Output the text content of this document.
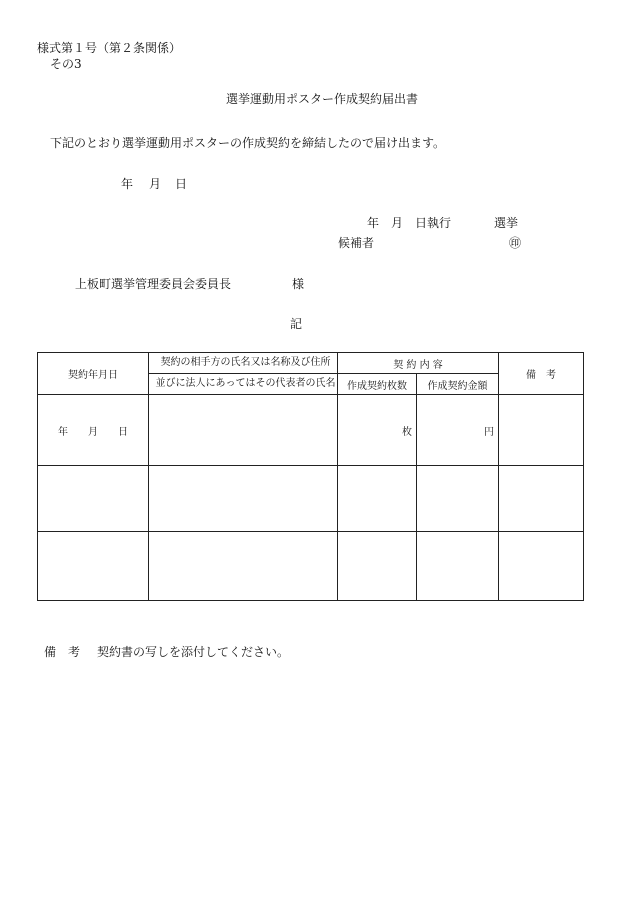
様式第１号（第２条関係）
その3
選挙運動用ポスター作成契約届出書
下記のとおり選挙運動用ポスターの作成契約を締結したので届け出ます。
年 月 日
年　月　日執行	選挙
候補者	㊞
上板町選挙管理委員会委員長	様
記
契約年月日	契約の相手方の氏名又は名称及び住所	契 約 内 容		備　考
	並びに法人にあってはその代表者の氏名	作成契約枚数	作成契約金額	
年　　月　　日		枚	円	

備　考 契約書の写しを添付してください。
